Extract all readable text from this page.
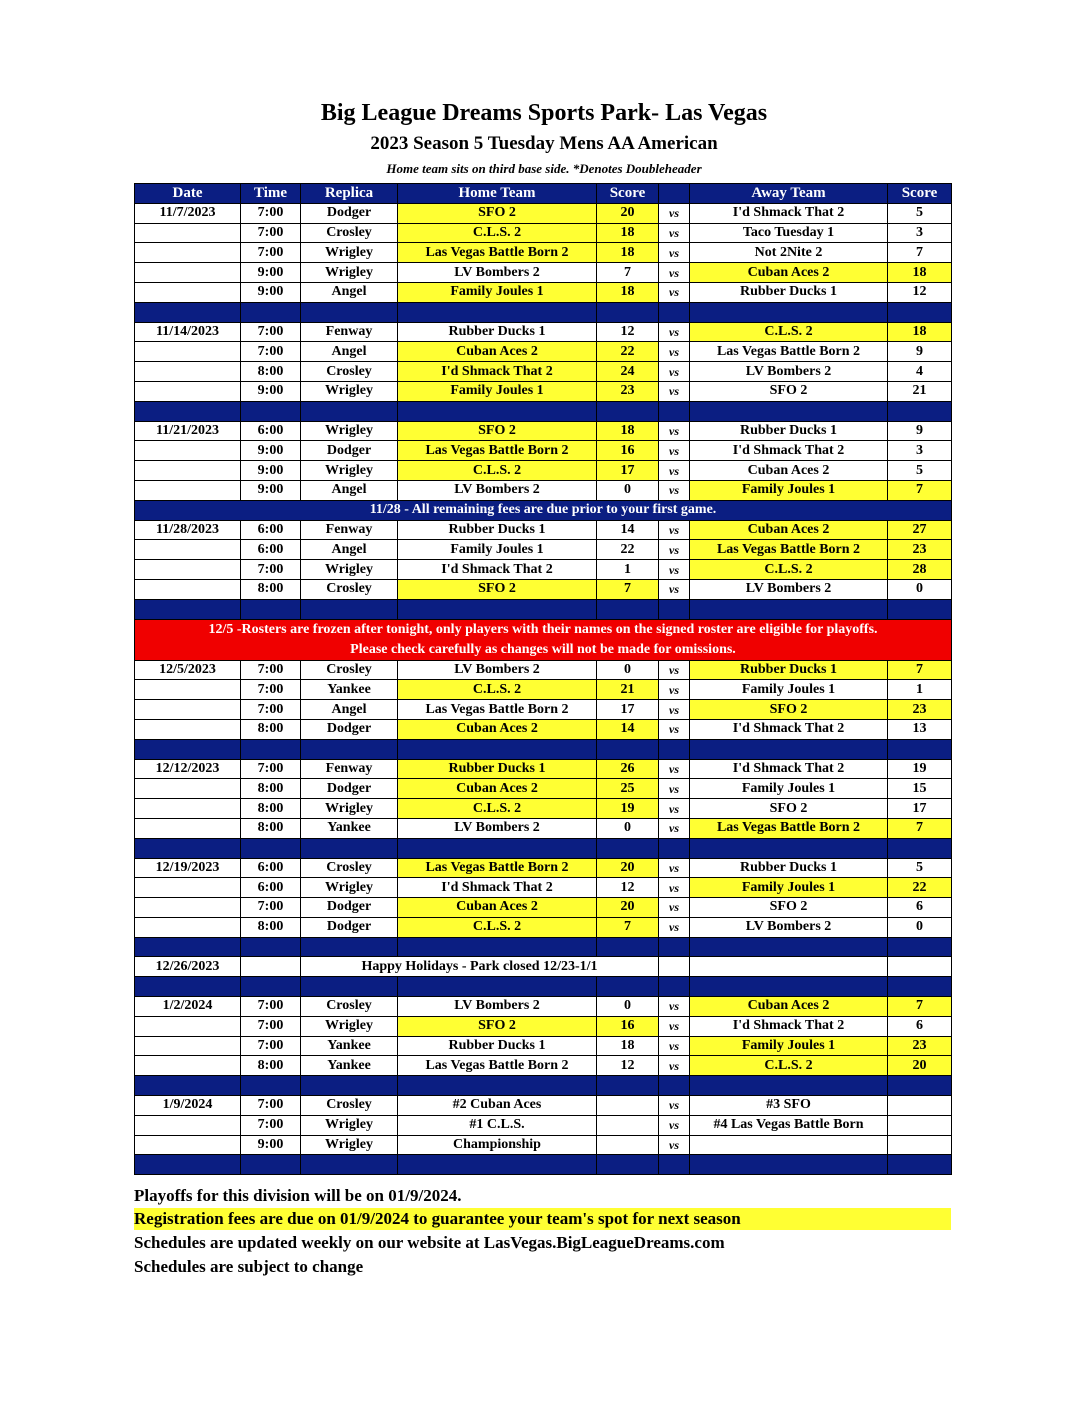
Big League Dreams Sports Park- Las Vegas
2023 Season 5 Tuesday Mens AA American
Home team sits on third base side. *Denotes Doubleheader
Date	Time	Replica	Home Team	Score		Away Team	Score
11/7/2023	7:00	Dodger	SFO 2	20	vs	I'd Shmack That 2	5
	7:00	Crosley	C.L.S. 2	18	vs	Taco Tuesday 1	3
	7:00	Wrigley	Las Vegas Battle Born 2	18	vs	Not 2Nite 2	7
	9:00	Wrigley	LV Bombers 2	7	vs	Cuban Aces 2	18
	9:00	Angel	Family Joules 1	18	vs	Rubber Ducks 1	12

11/14/2023	7:00	Fenway	Rubber Ducks 1	12	vs	C.L.S. 2	18
	7:00	Angel	Cuban Aces 2	22	vs	Las Vegas Battle Born 2	9
	8:00	Crosley	I'd Shmack That 2	24	vs	LV Bombers 2	4
	9:00	Wrigley	Family Joules 1	23	vs	SFO 2	21

11/21/2023	6:00	Wrigley	SFO 2	18	vs	Rubber Ducks 1	9
	9:00	Dodger	Las Vegas Battle Born 2	16	vs	I'd Shmack That 2	3
	9:00	Wrigley	C.L.S. 2	17	vs	Cuban Aces 2	5
	9:00	Angel	LV Bombers 2	0	vs	Family Joules 1	7
11/28 - All remaining fees are due prior to your first game.							
11/28/2023	6:00	Fenway	Rubber Ducks 1	14	vs	Cuban Aces 2	27
	6:00	Angel	Family Joules 1	22	vs	Las Vegas Battle Born 2	23
	7:00	Wrigley	I'd Shmack That 2	1	vs	C.L.S. 2	28
	8:00	Crosley	SFO 2	7	vs	LV Bombers 2	0

12/5 -Rosters are frozen after tonight, only players with their names on the signed roster are eligible for playoffs.
Please check carefully as changes will not be made for omissions.							

12/5/2023	7:00	Crosley	LV Bombers 2	0	vs	Rubber Ducks 1	7
	7:00	Yankee	C.L.S. 2	21	vs	Family Joules 1	1
	7:00	Angel	Las Vegas Battle Born 2	17	vs	SFO 2	23
	8:00	Dodger	Cuban Aces 2	14	vs	I'd Shmack That 2	13

12/12/2023	7:00	Fenway	Rubber Ducks 1	26	vs	I'd Shmack That 2	19
	8:00	Dodger	Cuban Aces 2	25	vs	Family Joules 1	15
	8:00	Wrigley	C.L.S. 2	19	vs	SFO 2	17
	8:00	Yankee	LV Bombers 2	0	vs	Las Vegas Battle Born 2	7

12/19/2023	6:00	Crosley	Las Vegas Battle Born 2	20	vs	Rubber Ducks 1	5
	6:00	Wrigley	I'd Shmack That 2	12	vs	Family Joules 1	22
	7:00	Dodger	Cuban Aces 2	20	vs	SFO 2	6
	8:00	Dodger	C.L.S. 2	7	vs	LV Bombers 2	0

12/26/2023		Happy Holidays - Park closed 12/23-1/1					

1/2/2024	7:00	Crosley	LV Bombers 2	0	vs	Cuban Aces 2	7
	7:00	Wrigley	SFO 2	16	vs	I'd Shmack That 2	6
	7:00	Yankee	Rubber Ducks 1	18	vs	Family Joules 1	23
	8:00	Yankee	Las Vegas Battle Born 2	12	vs	C.L.S. 2	20

1/9/2024	7:00	Crosley	#2 Cuban Aces		vs	#3 SFO	
	7:00	Wrigley	#1 C.L.S.		vs	#4 Las Vegas Battle Born	
	9:00	Wrigley	Championship		vs		

Playoffs for this division will be on 01/9/2024.
Registration fees are due on 01/9/2024 to guarantee your team's spot for next season
Schedules are updated weekly on our website at LasVegas.BigLeagueDreams.com
Schedules are subject to change
